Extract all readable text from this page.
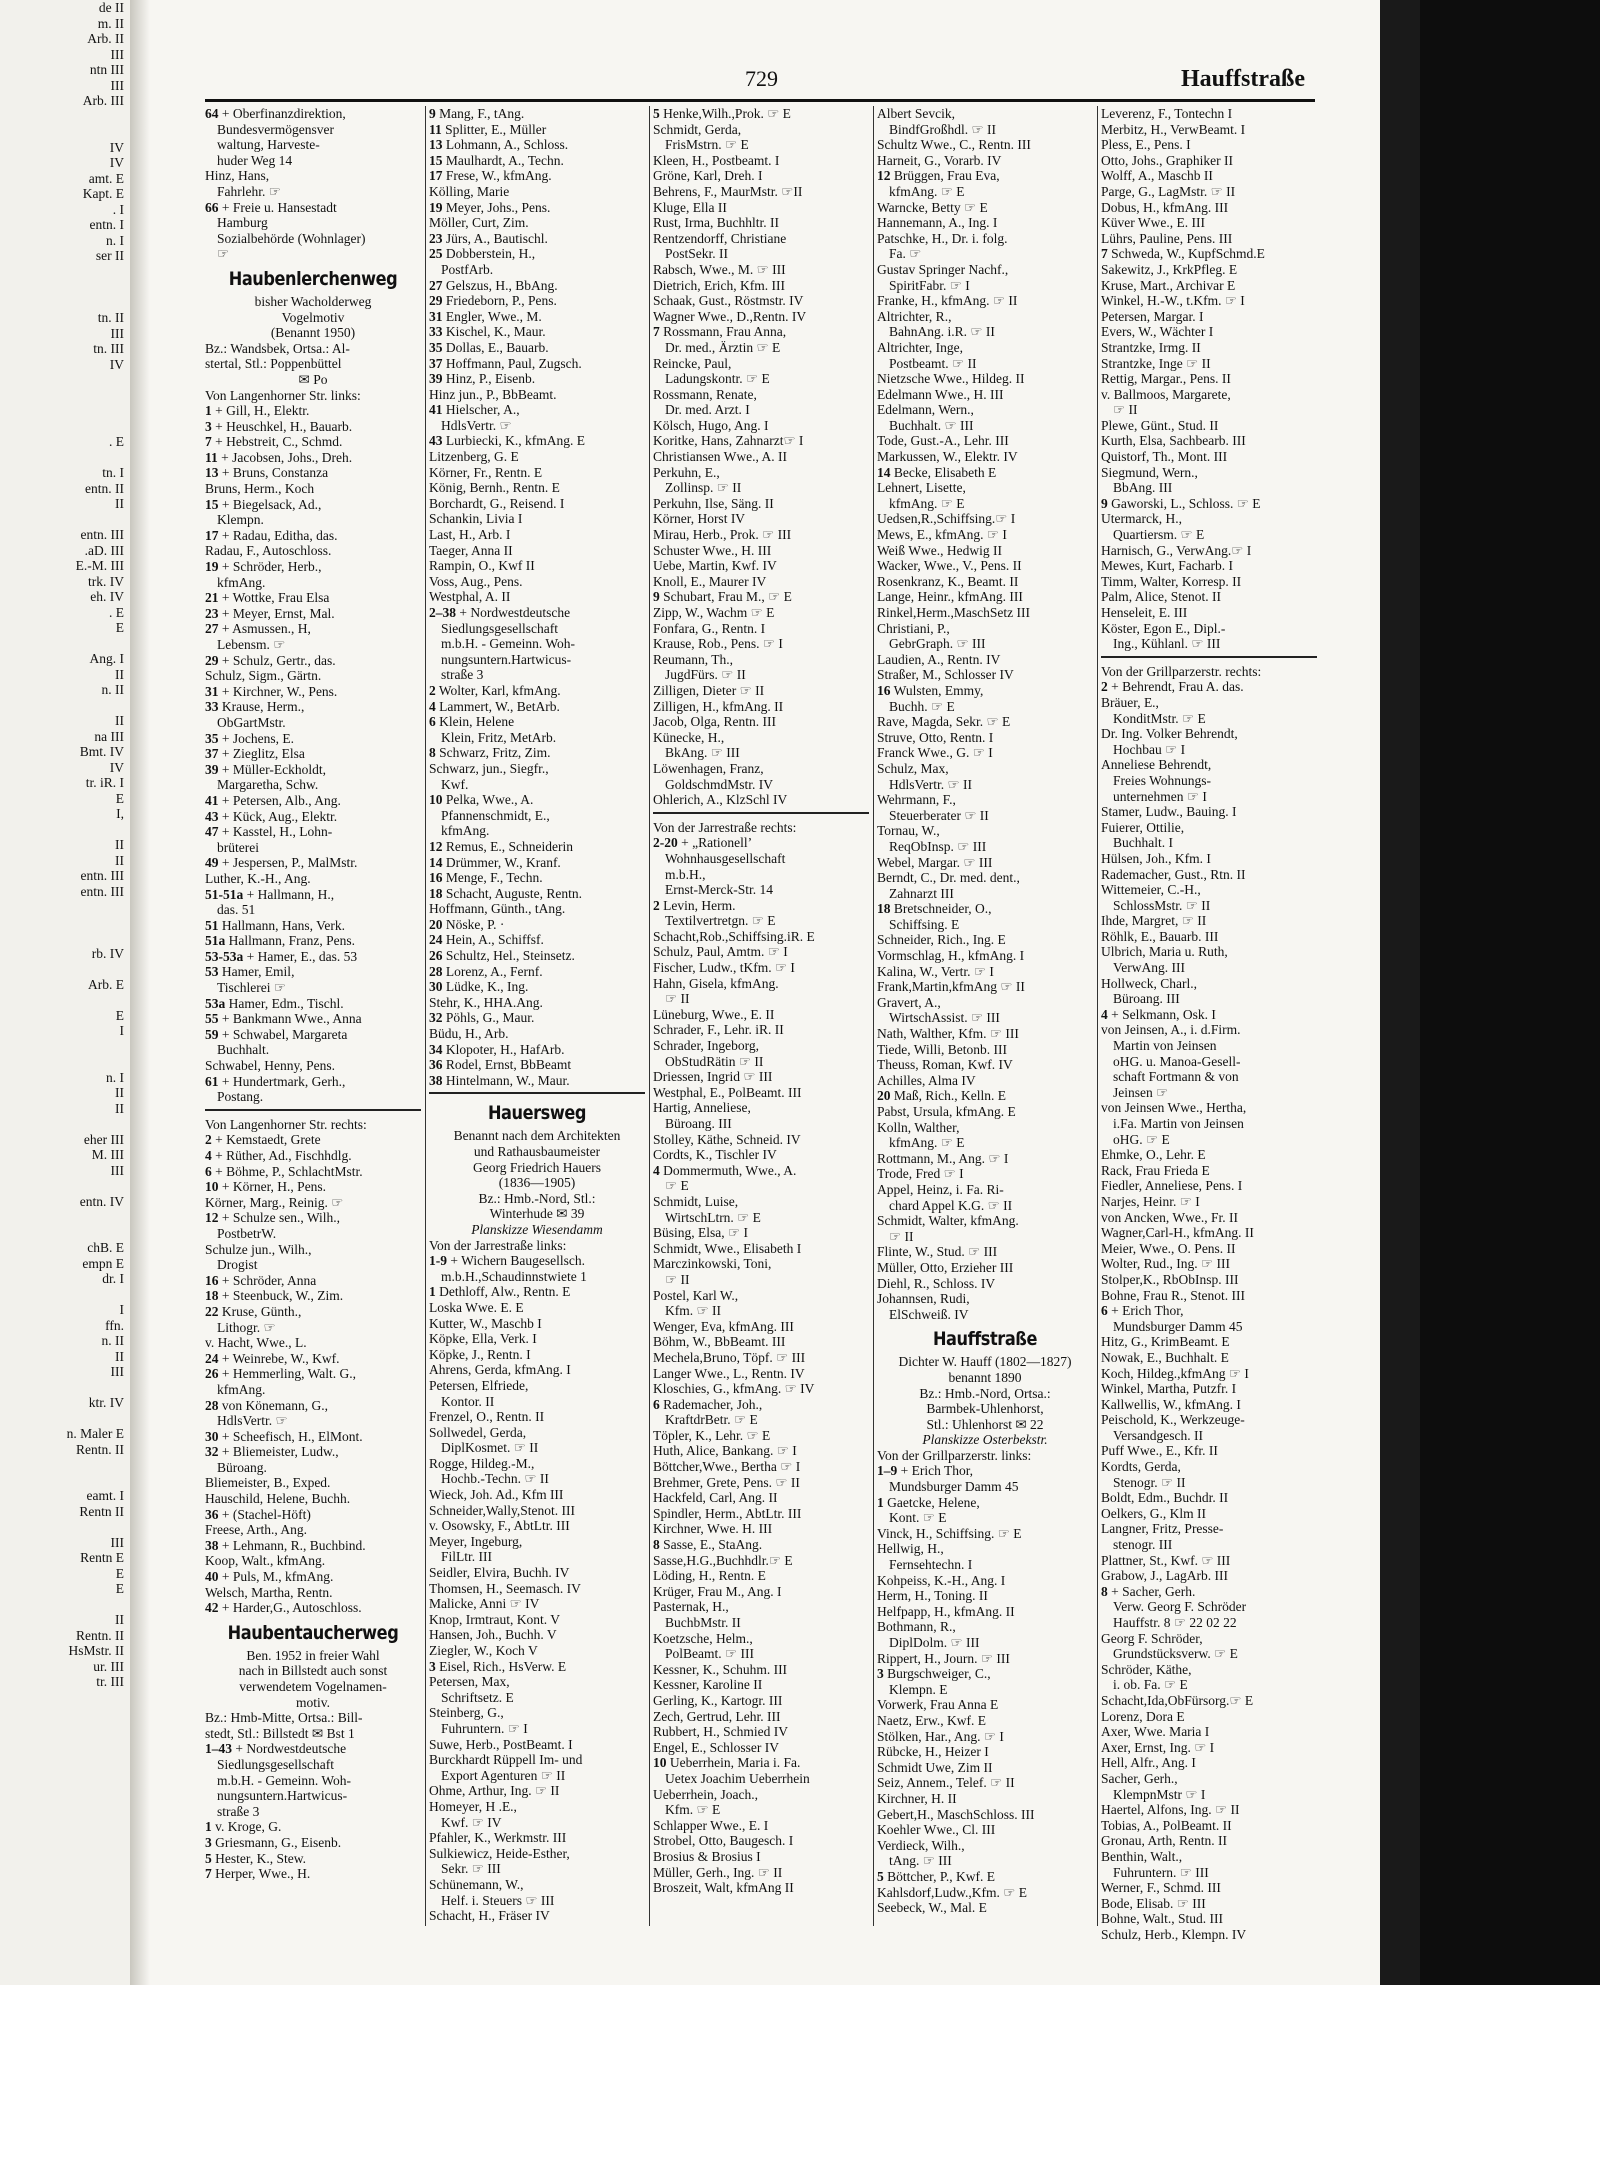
de II
m. II
Arb. II
III
ntn III
III
Arb. III

IV
IV
amt. E
Kapt. E
. I
entn. I
n. I
ser II

tn. II
III
tn. III
IV

. E

tn. I
entn. II
II

entn. III
.aD. III
E.-M. III
trk. IV
eh. IV
. E
E

Ang. I
II
n. II

II
na III
Bmt. IV
IV
tr. iR. I
E
I,

II
II
entn. III
entn. III

rb. IV

Arb. E

E
I

n. I
II
II

eher III
M. III
III

entn. IV

chB. E
empn E
dr. I

I
ffn.
n. II
II
III

ktr. IV

n. Maler E
Rentn. II

eamt. I
Rentn II

III
Rentn E
E
E

II
Rentn. II
HsMstr. II
ur. III
tr. III
729	Hauffstraße
64 + Oberfinanzdirektion,
Bundesvermögensver
waltung, Harveste-
huder Weg 14
Hinz, Hans,
Fahrlehr. ☞
66 + Freie u. Hansestadt
Hamburg
Sozialbehörde (Wohnlager)
☞
Haubenlerchenweg
bisher Wacholderweg
Vogelmotiv
(Benannt 1950)
Bz.: Wandsbek, Ortsa.: Al-
stertal, Stl.: Poppenbüttel
✉ Po
Von Langenhorner Str. links:
1 + Gill, H., Elektr.
3 + Heuschkel, H., Bauarb.
7 + Hebstreit, C., Schmd.
11 + Jacobsen, Johs., Dreh.
13 + Bruns, Constanza
Bruns, Herm., Koch
15 + Biegelsack, Ad.,
Klempn.
17 + Radau, Editha, das.
Radau, F., Autoschloss.
19 + Schröder, Herb.,
kfmAng.
21 + Wottke, Frau Elsa
23 + Meyer, Ernst, Mal.
27 + Asmussen., H,
Lebensm. ☞
29 + Schulz, Gertr., das.
Schulz, Sigm., Gärtn.
31 + Kirchner, W., Pens.
33 Krause, Herm.,
ObGartMstr.
35 + Jochens, E.
37 + Zieglitz, Elsa
39 + Müller-Eckholdt,
Margaretha, Schw.
41 + Petersen, Alb., Ang.
43 + Kück, Aug., Elektr.
47 + Kasstel, H., Lohn-
brüterei
49 + Jespersen, P., MalMstr.
Luther, K.-H., Ang.
51-51a + Hallmann, H.,
das. 51
51 Hallmann, Hans, Verk.
51a Hallmann, Franz, Pens.
53-53a + Hamer, E., das. 53
53 Hamer, Emil,
Tischlerei ☞
53a Hamer, Edm., Tischl.
55 + Bankmann Wwe., Anna
59 + Schwabel, Margareta
Buchhalt.
Schwabel, Henny, Pens.
61 + Hundertmark, Gerh.,
Postang.
Von Langenhorner Str. rechts:
2 + Kemstaedt, Grete
4 + Rüther, Ad., Fischhdlg.
6 + Böhme, P., SchlachtMstr.
10 + Körner, H., Pens.
Körner, Marg., Reinig. ☞
12 + Schulze sen., Wilh.,
PostbetrW.
Schulze jun., Wilh.,
Drogist
16 + Schröder, Anna
18 + Steenbuck, W., Zim.
22 Kruse, Günth.,
Lithogr. ☞
v. Hacht, Wwe., L.
24 + Weinrebe, W., Kwf.
26 + Hemmerling, Walt. G.,
kfmAng.
28 von Könemann, G.,
HdlsVertr. ☞
30 + Scheefisch, H., ElMont.
32 + Bliemeister, Ludw.,
Büroang.
Bliemeister, B., Exped.
Hauschild, Helene, Buchh.
36 + (Stachel-Höft)
Freese, Arth., Ang.
38 + Lehmann, R., Buchbind.
Koop, Walt., kfmAng.
40 + Puls, M., kfmAng.
Welsch, Martha, Rentn.
42 + Harder,G., Autoschloss.
Haubentaucherweg
Ben. 1952 in freier Wahl
nach in Billstedt auch sonst
verwendetem Vogelnamen-
motiv.
Bz.: Hmb-Mitte, Ortsa.: Bill-
stedt, Stl.: Billstedt ✉ Bst 1
1–43 + Nordwestdeutsche
Siedlungsgesellschaft
m.b.H. - Gemeinn. Woh-
nungsuntern.Hartwicus-
straße 3
1 v. Kroge, G.
3 Griesmann, G., Eisenb.
5 Hester, K., Stew.
7 Herper, Wwe., H.
9 Mang, F., tAng.
11 Splitter, E., Müller
13 Lohmann, A., Schloss.
15 Maulhardt, A., Techn.
17 Frese, W., kfmAng.
Kölling, Marie
19 Meyer, Johs., Pens.
Möller, Curt, Zim.
23 Jürs, A., Bautischl.
25 Dobberstein, H.,
PostfArb.
27 Gelszus, H., BbAng.
29 Friedeborn, P., Pens.
31 Engler, Wwe., M.
33 Kischel, K., Maur.
35 Dollas, E., Bauarb.
37 Hoffmann, Paul, Zugsch.
39 Hinz, P., Eisenb.
Hinz jun., P., BbBeamt.
41 Hielscher, A.,
HdlsVertr. ☞
43 Lurbiecki, K., kfmAng. E
Litzenberg, G. E
Körner, Fr., Rentn. E
König, Bernh., Rentn. E
Borchardt, G., Reisend. I
Schankin, Livia I
Last, H., Arb. I
Taeger, Anna II
Rampin, O., Kwf II
Voss, Aug., Pens.
Westphal, A. II
2–38 + Nordwestdeutsche
Siedlungsgesellschaft
m.b.H. - Gemeinn. Woh-
nungsuntern.Hartwicus-
straße 3
2 Wolter, Karl, kfmAng.
4 Lammert, W., BetArb.
6 Klein, Helene
Klein, Fritz, MetArb.
8 Schwarz, Fritz, Zim.
Schwarz, jun., Siegfr.,
Kwf.
10 Pelka, Wwe., A.
Pfannenschmidt, E.,
kfmAng.
12 Remus, E., Schneiderin
14 Drümmer, W., Kranf.
16 Menge, F., Techn.
18 Schacht, Auguste, Rentn.
Hoffmann, Günth., tAng.
20 Nöske, P. ·
24 Hein, A., Schiffsf.
26 Schultz, Hel., Steinsetz.
28 Lorenz, A., Fernf.
30 Lüdke, K., Ing.
Stehr, K., HHA.Ang.
32 Pöhls, G., Maur.
Büdu, H., Arb.
34 Klopoter, H., HafArb.
36 Rodel, Ernst, BbBeamt
38 Hintelmann, W., Maur.
Hauersweg
Benannt nach dem Architekten
und Rathausbaumeister
Georg Friedrich Hauers
(1836—1905)
Bz.: Hmb.-Nord, Stl.:
Winterhude ✉ 39
Planskizze Wiesendamm
Von der Jarrestraße links:
1-9 + Wichern Baugesellsch.
m.b.H.,Schaudinnstwiete 1
1 Dethloff, Alw., Rentn. E
Loska Wwe. E. E
Kutter, W., Maschb I
Köpke, Ella, Verk. I
Köpke, J., Rentn. I
Ahrens, Gerda, kfmAng. I
Petersen, Elfriede,
Kontor. II
Frenzel, O., Rentn. II
Sollwedel, Gerda,
DiplKosmet. ☞ II
Rogge, Hildeg.-M.,
Hochb.-Techn. ☞ II
Wieck, Joh. Ad., Kfm III
Schneider,Wally,Stenot. III
v. Osowsky, F., AbtLtr. III
Meyer, Ingeburg,
FilLtr. III
Seidler, Elvira, Buchh. IV
Thomsen, H., Seemasch. IV
Malicke, Anni ☞ IV
Knop, Irmtraut, Kont. V
Hansen, Joh., Buchh. V
Ziegler, W., Koch V
3 Eisel, Rich., HsVerw. E
Petersen, Max,
Schriftsetz. E
Steinberg, G.,
Fuhruntern. ☞ I
Suwe, Herb., PostBeamt. I
Burckhardt Rüppell Im- und
Export Agenturen ☞ II
Ohme, Arthur, Ing. ☞ II
Homeyer, H .E.,
Kwf. ☞ IV
Pfahler, K., Werkmstr. III
Sulkiewicz, Heide-Esther,
Sekr. ☞ III
Schünemann, W.,
Helf. i. Steuers ☞ III
Schacht, H., Fräser IV
5 Henke,Wilh.,Prok. ☞ E
Schmidt, Gerda,
FrisMstrn. ☞ E
Kleen, H., Postbeamt. I
Gröne, Karl, Dreh. I
Behrens, F., MaurMstr. ☞II
Kluge, Ella II
Rust, Irma, Buchhltr. II
Rentzendorff, Christiane
PostSekr. II
Rabsch, Wwe., M. ☞ III
Dietrich, Erich, Kfm. III
Schaak, Gust., Röstmstr. IV
Wagner Wwe., D.,Rentn. IV
7 Rossmann, Frau Anna,
Dr. med., Ärztin ☞ E
Reincke, Paul,
Ladungskontr. ☞ E
Rossmann, Renate,
Dr. med. Arzt. I
Kölsch, Hugo, Ang. I
Koritke, Hans, Zahnarzt☞ I
Christiansen Wwe., A. II
Perkuhn, E.,
Zollinsp. ☞ II
Perkuhn, Ilse, Säng. II
Körner, Horst IV
Mirau, Herb., Prok. ☞ III
Schuster Wwe., H. III
Uebe, Martin, Kwf. IV
Knoll, E., Maurer IV
9 Schubart, Frau M., ☞ E
Zipp, W., Wachm ☞ E
Fonfara, G., Rentn. I
Krause, Rob., Pens. ☞ I
Reumann, Th.,
JugdFürs. ☞ II
Zilligen, Dieter ☞ II
Zilligen, H., kfmAng. II
Jacob, Olga, Rentn. III
Künecke, H.,
BkAng. ☞ III
Löwenhagen, Franz,
GoldschmdMstr. IV
Ohlerich, A., KlzSchl IV
Von der Jarrestraße rechts:
2-20 + „Rationell’
Wohnhausgesellschaft
m.b.H.,
Ernst-Merck-Str. 14
2 Levin, Herm.
Textilvertretgn. ☞ E
Schacht,Rob.,Schiffsing.iR. E
Schulz, Paul, Amtm. ☞ I
Fischer, Ludw., tKfm. ☞ I
Hahn, Gisela, kfmAng.
☞ II
Lüneburg, Wwe., E. II
Schrader, F., Lehr. iR. II
Schrader, Ingeborg,
ObStudRätin ☞ II
Driessen, Ingrid ☞ III
Westphal, E., PolBeamt. III
Hartig, Anneliese,
Büroang. III
Stolley, Käthe, Schneid. IV
Cordts, K., Tischler IV
4 Dommermuth, Wwe., A.
☞ E
Schmidt, Luise,
WirtschLtrn. ☞ E
Büsing, Elsa, ☞ I
Schmidt, Wwe., Elisabeth I
Marczinkowski, Toni,
☞ II
Postel, Karl W.,
Kfm. ☞ II
Wenger, Eva, kfmAng. III
Böhm, W., BbBeamt. III
Mechela,Bruno, Töpf. ☞ III
Langer Wwe., L., Rentn. IV
Kloschies, G., kfmAng. ☞ IV
6 Rademacher, Joh.,
KraftdrBetr. ☞ E
Töpler, K., Lehr. ☞ E
Huth, Alice, Bankang. ☞ I
Böttcher,Wwe., Bertha ☞ I
Brehmer, Grete, Pens. ☞ II
Hackfeld, Carl, Ang. II
Spindler, Herm., AbtLtr. III
Kirchner, Wwe. H. III
8 Sasse, E., StaAng.
Sasse,H.G.,Buchhdlr.☞ E
Löding, H., Rentn. E
Krüger, Frau M., Ang. I
Pasternak, H.,
BuchbMstr. II
Koetzsche, Helm.,
PolBeamt. ☞ III
Kessner, K., Schuhm. III
Kessner, Karoline II
Gerling, K., Kartogr. III
Zech, Gertrud, Lehr. III
Rubbert, H., Schmied IV
Engel, E., Schlosser IV
10 Ueberrhein, Maria i. Fa.
Uetex Joachim Ueberrhein
Ueberrhein, Joach.,
Kfm. ☞ E
Schlapper Wwe., E. I
Strobel, Otto, Baugesch. I
Brosius & Brosius I
Müller, Gerh., Ing. ☞ II
Broszeit, Walt, kfmAng II
Albert Sevcik,
BindfGroßhdl. ☞ II
Schultz Wwe., C., Rentn. III
Harneit, G., Vorarb. IV
12 Brüggen, Frau Eva,
kfmAng. ☞ E
Warncke, Betty ☞ E
Hannemann, A., Ing. I
Patschke, H., Dr. i. folg.
Fa. ☞
Gustav Springer Nachf.,
SpiritFabr. ☞ I
Franke, H., kfmAng. ☞ II
Altrichter, R.,
BahnAng. i.R. ☞ II
Altrichter, Inge,
Postbeamt. ☞ II
Nietzsche Wwe., Hildeg. II
Edelmann Wwe., H. III
Edelmann, Wern.,
Buchhalt. ☞ III
Tode, Gust.-A., Lehr. III
Markussen, W., Elektr. IV
14 Becke, Elisabeth E
Lehnert, Lisette,
kfmAng. ☞ E
Uedsen,R.,Schiffsing.☞ I
Mews, E., kfmAng. ☞ I
Weiß Wwe., Hedwig II
Wacker, Wwe., V., Pens. II
Rosenkranz, K., Beamt. II
Lange, Heinr., kfmAng. III
Rinkel,Herm.,MaschSetz III
Christiani, P.,
GebrGraph. ☞ III
Laudien, A., Rentn. IV
Straßer, M., Schlosser IV
16 Wulsten, Emmy,
Buchh. ☞ E
Rave, Magda, Sekr. ☞ E
Struve, Otto, Rentn. I
Franck Wwe., G. ☞ I
Schulz, Max,
HdlsVertr. ☞ II
Wehrmann, F.,
Steuerberater ☞ II
Tornau, W.,
ReqObInsp. ☞ III
Webel, Margar. ☞ III
Berndt, C., Dr. med. dent.,
Zahnarzt III
18 Bretschneider, O.,
Schiffsing. E
Schneider, Rich., Ing. E
Vormschlag, H., kfmAng. I
Kalina, W., Vertr. ☞ I
Frank,Martin,kfmAng ☞ II
Gravert, A.,
WirtschAssist. ☞ III
Nath, Walther, Kfm. ☞ III
Tiede, Willi, Betonb. III
Theuss, Roman, Kwf. IV
Achilles, Alma IV
20 Maß, Rich., Kelln. E
Pabst, Ursula, kfmAng. E
Kolln, Walther,
kfmAng. ☞ E
Rottmann, M., Ang. ☞ I
Trode, Fred ☞ I
Appel, Heinz, i. Fa. Ri-
chard Appel K.G. ☞ II
Schmidt, Walter, kfmAng.
☞ II
Flinte, W., Stud. ☞ III
Müller, Otto, Erzieher III
Diehl, R., Schloss. IV
Johannsen, Rudi,
ElSchweiß. IV
Hauffstraße
Dichter W. Hauff (1802—1827)
benannt 1890
Bz.: Hmb.-Nord, Ortsa.:
Barmbek-Uhlenhorst,
Stl.: Uhlenhorst ✉ 22
Planskizze Osterbekstr.
Von der Grillparzerstr. links:
1–9 + Erich Thor,
Mundsburger Damm 45
1 Gaetcke, Helene,
Kont. ☞ E
Vinck, H., Schiffsing. ☞ E
Hellwig, H.,
Fernsehtechn. I
Kohpeiss, K.-H., Ang. I
Herm, H., Toning. II
Helfpapp, H., kfmAng. II
Bothmann, R.,
DiplDolm. ☞ III
Rippert, H., Journ. ☞ III
3 Burgschweiger, C.,
Klempn. E
Vorwerk, Frau Anna E
Naetz, Erw., Kwf. E
Stölken, Har., Ang. ☞ I
Rübcke, H., Heizer I
Schmidt Uwe, Zim II
Seiz, Annem., Telef. ☞ II
Kirchner, H. II
Gebert,H., MaschSchloss. III
Koehler Wwe., Cl. III
Verdieck, Wilh.,
tAng. ☞ III
5 Böttcher, P., Kwf. E
Kahlsdorf,Ludw.,Kfm. ☞ E
Seebeck, W., Mal. E
Leverenz, F., Tontechn I
Merbitz, H., VerwBeamt. I
Pless, E., Pens. I
Otto, Johs., Graphiker II
Wolff, A., Maschb II
Parge, G., LagMstr. ☞ II
Dobus, H., kfmAng. III
Küver Wwe., E. III
Lührs, Pauline, Pens. III
7 Schweda, W., KupfSchmd.E
Sakewitz, J., KrkPfleg. E
Kruse, Mart., Archivar E
Winkel, H.-W., t.Kfm. ☞ I
Petersen, Margar. I
Evers, W., Wächter I
Strantzke, Irmg. II
Strantzke, Inge ☞ II
Rettig, Margar., Pens. II
v. Ballmoos, Margarete,
☞ II
Plewe, Günt., Stud. II
Kurth, Elsa, Sachbearb. III
Quistorf, Th., Mont. III
Siegmund, Wern.,
BbAng. III
9 Gaworski, L., Schloss. ☞ E
Utermarck, H.,
Quartiersm. ☞ E
Harnisch, G., VerwAng.☞ I
Mewes, Kurt, Facharb. I
Timm, Walter, Korresp. II
Palm, Alice, Stenot. II
Henseleit, E. III
Köster, Egon E., Dipl.-
Ing., Kühlanl. ☞ III
Von der Grillparzerstr. rechts:
2 + Behrendt, Frau A. das.
Bräuer, E.,
KonditMstr. ☞ E
Dr. Ing. Volker Behrendt,
Hochbau ☞ I
Anneliese Behrendt,
Freies Wohnungs-
unternehmen ☞ I
Stamer, Ludw., Bauing. I
Fuierer, Ottilie,
Buchhalt. I
Hülsen, Joh., Kfm. I
Rademacher, Gust., Rtn. II
Wittemeier, C.-H.,
SchlossMstr. ☞ II
Ihde, Margret, ☞ II
Röhlk, E., Bauarb. III
Ulbrich, Maria u. Ruth,
VerwAng. III
Hollweck, Charl.,
Büroang. III
4 + Selkmann, Osk. I
von Jeinsen, A., i. d.Firm.
Martin von Jeinsen
oHG. u. Manoa-Gesell-
schaft Fortmann & von
Jeinsen ☞
von Jeinsen Wwe., Hertha,
i.Fa. Martin von Jeinsen
oHG. ☞ E
Ehmke, O., Lehr. E
Rack, Frau Frieda E
Fiedler, Anneliese, Pens. I
Narjes, Heinr. ☞ I
von Ancken, Wwe., Fr. II
Wagner,Carl-H., kfmAng. II
Meier, Wwe., O. Pens. II
Wolter, Rud., Ing. ☞ III
Stolper,K., RbObInsp. III
Bohne, Frau R., Stenot. III
6 + Erich Thor,
Mundsburger Damm 45
Hitz, G., KrimBeamt. E
Nowak, E., Buchhalt. E
Koch, Hildeg.,kfmAng ☞ I
Winkel, Martha, Putzfr. I
Kallwellis, W., kfmAng. I
Peischold, K., Werkzeuge-
Versandgesch. II
Puff Wwe., E., Kfr. II
Kordts, Gerda,
Stenogr. ☞ II
Boldt, Edm., Buchdr. II
Oelkers, G., Klm II
Langner, Fritz, Presse-
stenogr. III
Plattner, St., Kwf. ☞ III
Grabow, J., LagArb. III
8 + Sacher, Gerh.
Verw. Georg F. Schröder
Hauffstr. 8 ☞ 22 02 22
Georg F. Schröder,
Grundstücksverw. ☞ E
Schröder, Käthe,
i. ob. Fa. ☞ E
Schacht,Ida,ObFürsorg.☞ E
Lorenz, Dora E
Axer, Wwe. Maria I
Axer, Ernst, Ing. ☞ I
Hell, Alfr., Ang. I
Sacher, Gerh.,
KlempnMstr ☞ I
Haertel, Alfons, Ing. ☞ II
Tobias, A., PolBeamt. II
Gronau, Arth, Rentn. II
Benthin, Walt.,
Fuhruntern. ☞ III
Werner, F., Schmd. III
Bode, Elisab. ☞ III
Bohne, Walt., Stud. III
Schulz, Herb., Klempn. IV
